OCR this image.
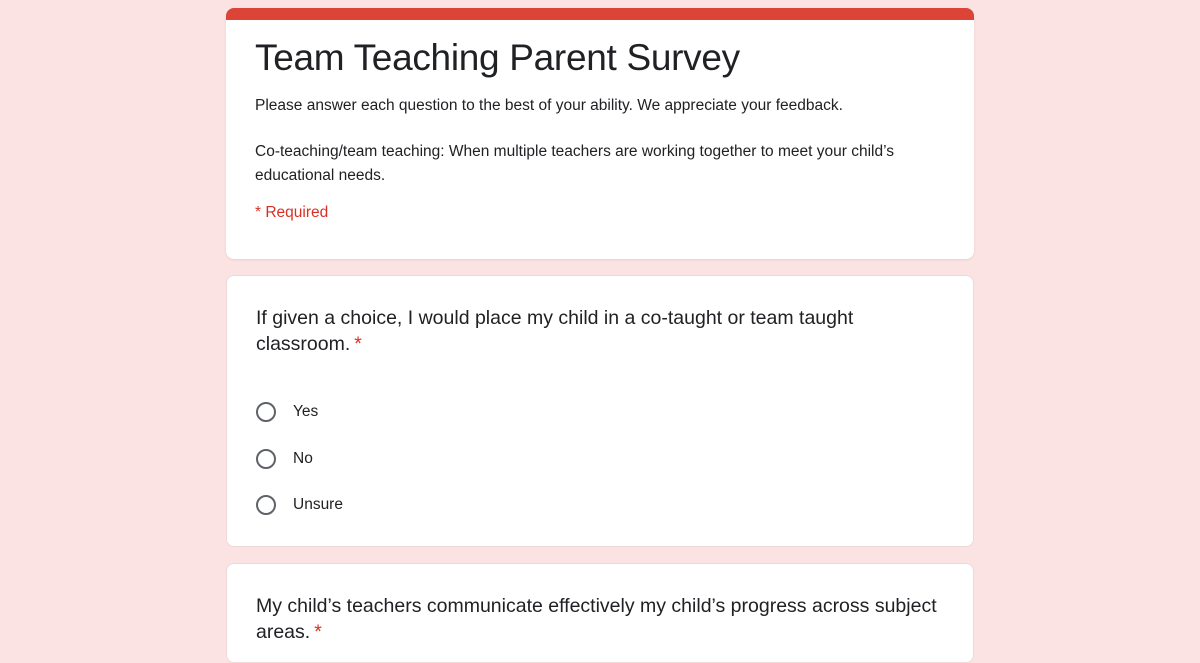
Team Teaching Parent Survey

Please answer each question to the best of your ability. We appreciate your feedback.

Co-teaching/team teaching: When multiple teachers are working together to meet your child’s educational needs.

* Required
If given a choice, I would place my child in a co-taught or team taught classroom. *
Yes
No
Unsure
My child’s teachers communicate effectively my child’s progress across subject areas. *
